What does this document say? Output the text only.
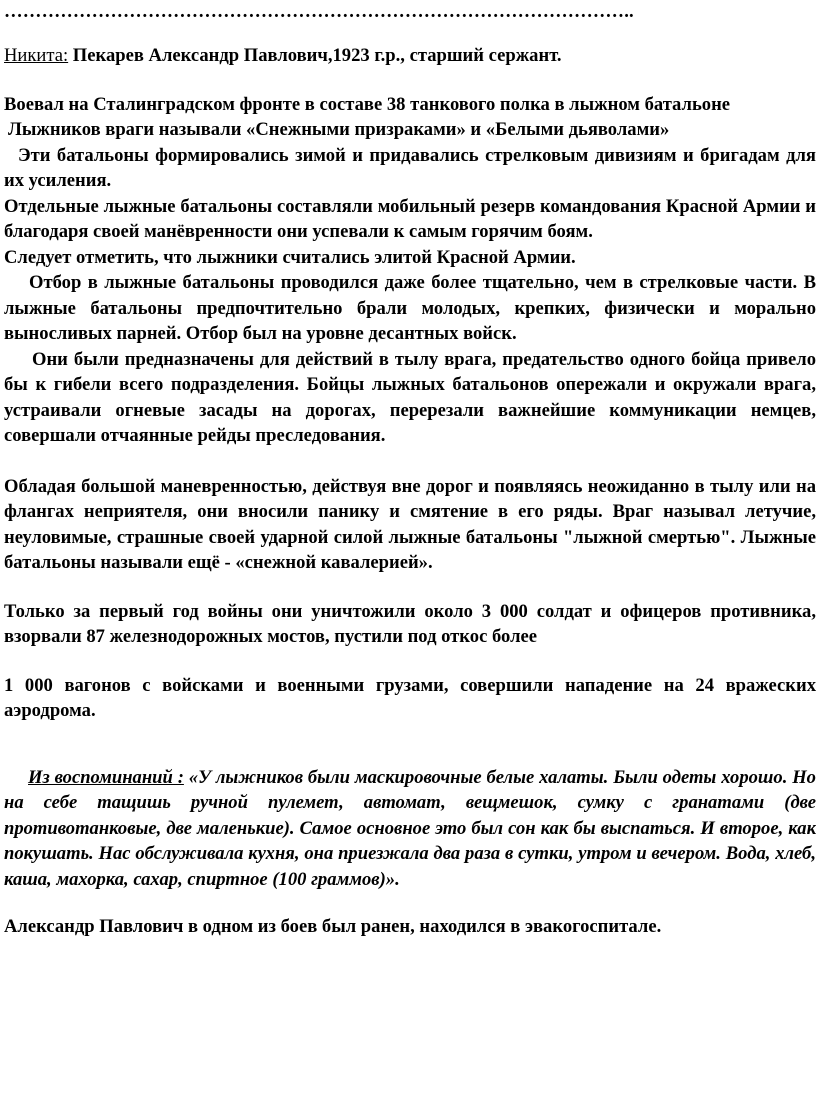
………………………………………………………………………………………..

Никита: Пекарев Александр Павлович,1923 г.р., старший сержант.

Воевал на Сталинградском фронте в составе 38 танкового полка в лыжном батальоне

Лыжников враги называли «Снежными призраками» и «Белыми дьяволами»

Эти батальоны формировались зимой и придавались стрелковым дивизиям и бригадам для их усиления.

Отдельные лыжные батальоны составляли мобильный резерв командования Красной Армии и благодаря своей манёвренности они успевали к самым горячим боям.

Следует отметить, что лыжники считались элитой Красной Армии.

Отбор в лыжные батальоны проводился даже более тщательно, чем в стрелковые части. В лыжные батальоны предпочтительно брали молодых, крепких, физически и морально выносливых парней. Отбор был на уровне десантных войск.

Они были предназначены для действий в тылу врага, предательство одного бойца привело бы к гибели всего подразделения. Бойцы лыжных батальонов опережали и окружали врага, устраивали огневые засады на дорогах, перерезали важнейшие коммуникации немцев, совершали отчаянные рейды преследования.

Обладая большой маневренностью, действуя вне дорог и появляясь неожиданно в тылу или на флангах неприятеля, они вносили панику и смятение в его ряды. Враг называл летучие, неуловимые, страшные своей ударной силой лыжные батальоны "лыжной смертью". Лыжные батальоны называли ещё - «снежной кавалерией».

Только за первый год войны они уничтожили около 3 000 солдат и офицеров противника, взорвали 87 железнодорожных мостов, пустили под откос более

1 000 вагонов с войсками и военными грузами, совершили нападение на 24 вражеских аэродрома.

Из воспоминаний : «У лыжников были маскировочные белые халаты. Были одеты хорошо. Но на себе тащишь ручной пулемет, автомат, вещмешок, сумку с гранатами (две противотанковые, две маленькие). Самое основное это был сон как бы выспаться. И второе, как покушать. Нас обслуживала кухня, она приезжала два раза в сутки, утром и вечером. Вода, хлеб, каша, махорка, сахар, спиртное (100 граммов)».

Александр Павлович в одном из боев был ранен, находился в эвакогоспитале.
